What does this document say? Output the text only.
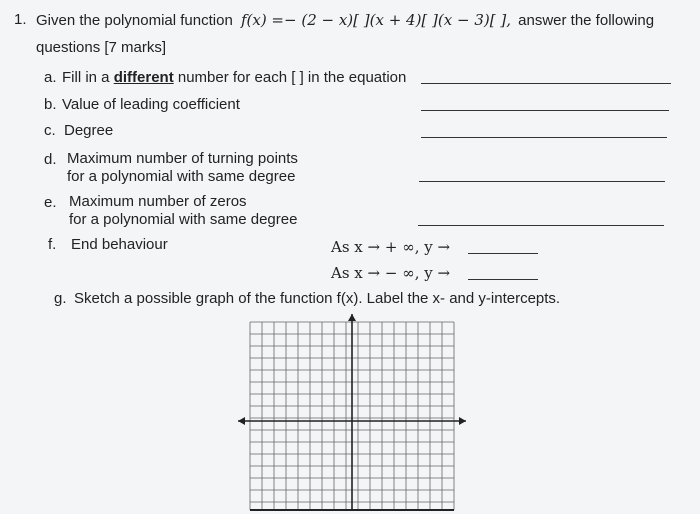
1. Given the polynomial function f(x) =− (2 − x)[ ](x + 4)[ ](x − 3)[ ], answer the following
questions [7 marks]
a. Fill in a different number for each [ ] in the equation
b. Value of leading coefficient
c. Degree
d. Maximum number of turning points
for a polynomial with same degree
e. Maximum number of zeros
for a polynomial with same degree
f. End behaviour	As x → + ∞, y →
As x → − ∞, y →
g. Sketch a possible graph of the function f(x). Label the x- and y-intercepts.
